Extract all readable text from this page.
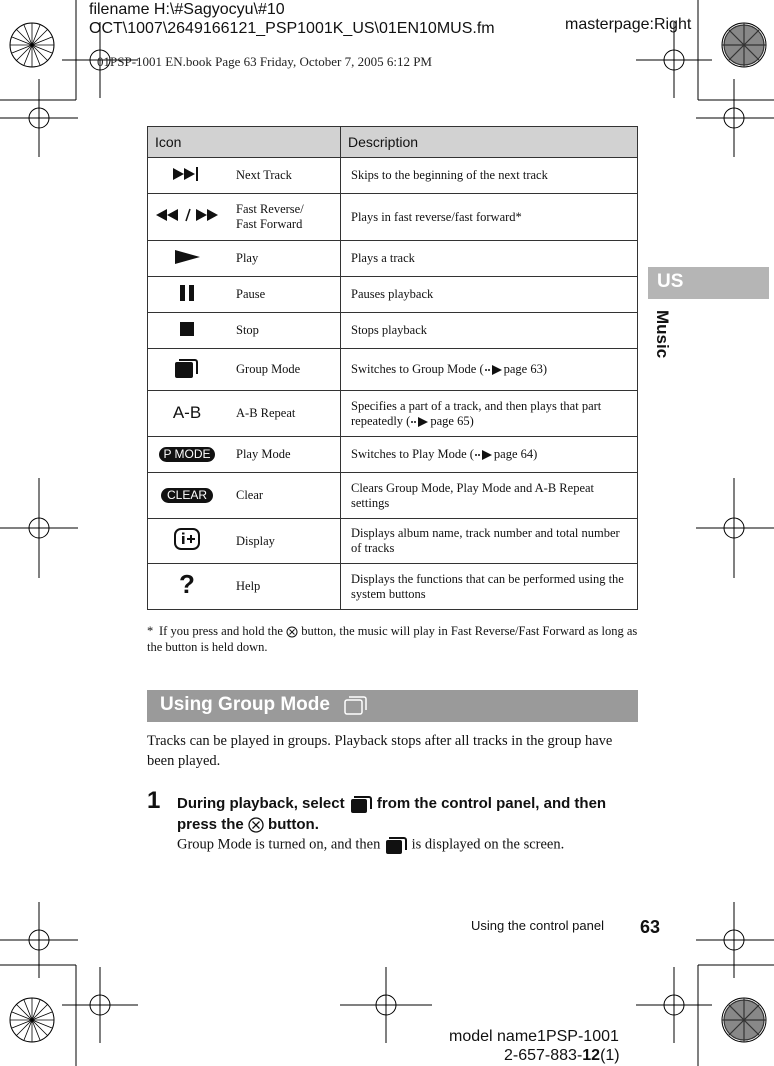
filename H:\#Sagyocyu\#10 OCT\1007\2649166121_PSP1001K_US\01EN10MUS.fm	masterpage:Right
01PSP-1001 EN.book Page 63 Friday, October 7, 2005 6:12 PM
Icon		Description
	Next Track	Skips to the beginning of the next track
	Fast Reverse/
Fast Forward	Plays in fast reverse/fast forward*
	Play	Plays a track
	Pause	Pauses playback
	Stop	Stops playback
	Group Mode	Switches to Group Mode ( page 63)
A-B	A-B Repeat	Specifies a part of a track, and then plays that part repeatedly ( page 65)
P MODE	Play Mode	Switches to Play Mode ( page 64)
CLEAR	Clear	Clears Group Mode, Play Mode and A-B Repeat settings
	Display	Displays album name, track number and total number of tracks
?	Help	Displays the functions that can be performed using the system buttons
* If you press and hold the button, the music will play in Fast Reverse/Fast Forward as long as the button is held down.
Using Group Mode
Tracks can be played in groups. Playback stops after all tracks in the group have been played.
1 During playback, select from the control panel, and then press the button.
Group Mode is turned on, and then is displayed on the screen.
US
Music
Using the control panel 63
model name1PSP-1001
2-657-883-12(1)
